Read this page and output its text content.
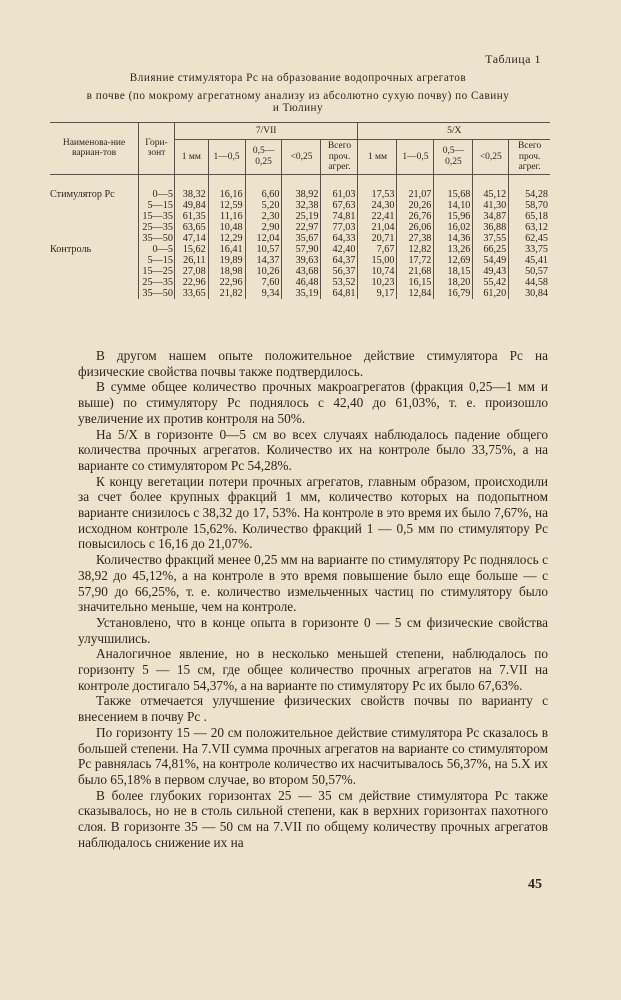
Таблица 1
Влияние стимулятора Рс на образование водопрочных агрегатов
в почве (по мокрому агрегатному анализу из абсолютно сухую почву) по Савину
и Тюлину
Наименова-ние вариан-тов	Гори-зонт	7/VII					5/X				
		1 мм	1—0,5	0,5—0,25	<0,25	Всего проч. агрег.	1 мм	1—0,5	0,5—0,25	<0,25	Всего проч. агрег.

Стимулятор Рс	0—5	38,32	16,16	6,60	38,92	61,03	17,53	21,07	15,68	45,12	54,28
	5—15	49,84	12,59	5,20	32,38	67,63	24,30	20,26	14,10	41,30	58,70
	15—35	61,35	11,16	2,30	25,19	74,81	22,41	26,76	15,96	34,87	65,18
	25—35	63,65	10,48	2,90	22,97	77,03	21,04	26,06	16,02	36,88	63,12
	35—50	47,14	12,29	12,04	35,67	64,33	20,71	27,38	14,36	37,55	62,45
Контроль	0—5	15,62	16,41	10,57	57,90	42,40	7,67	12,82	13,26	66,25	33,75
	5—15	26,11	19,89	14,37	39,63	64,37	15,00	17,72	12,69	54,49	45,41
	15—25	27,08	18,98	10,26	43,68	56,37	10,74	21,68	18,15	49,43	50,57
	25—35	22,96	22,96	7,60	46,48	53,52	10,23	16,15	18,20	55,42	44,58
	35—50	33,65	21,82	9,34	35,19	64,81	9,17	12,84	16,79	61,20	30,84

В другом нашем опыте положительное действие стимулятора Рс на физические свойства почвы также подтвердилось.

В сумме общее количество прочных макроагрегатов (фракция 0,25—1 мм и выше) по стимулятору Рс поднялось с 42,40 до 61,03%, т. е. произошло увеличение их против контроля на 50%.

На 5/X в горизонте 0—5 см во всех случаях наблюдалось падение общего количества прочных агрегатов. Количество их на контроле было 33,75%, а на варианте со стимулятором Рс 54,28%.

К концу вегетации потери прочных агрегатов, главным образом, происходили за счет более крупных фракций 1 мм, количество которых на подопытном варианте снизилось с 38,32 до 17, 53%. На контроле в это время их было 7,67%, на исходном контроле 15,62%. Количество фракций 1 — 0,5 мм по стимулятору Рс повысилось с 16,16 до 21,07%.

Количество фракций менее 0,25 мм на варианте по стимулятору Рс поднялось с 38,92 до 45,12%, а на контроле в это время повышение было еще больше — с 57,90 до 66,25%, т. е. количество измельченных частиц по стимулятору было значительно меньше, чем на контроле.

Установлено, что в конце опыта в горизонте 0 — 5 см физические свойства улучшились.

Аналогичное явление, но в несколько меньшей степени, наблюдалось по горизонту 5 — 15 см, где общее количество прочных агрегатов на 7.VII на контроле достигало 54,37%, а на варианте по стимулятору Рс их было 67,63%.

Также отмечается улучшение физических свойств почвы по варианту с внесением в почву Рс .

По горизонту 15 — 20 см положительное действие стимулятора Рс сказалось в большей степени. На 7.VII сумма прочных агрегатов на варианте со стимулятором Рс равнялась 74,81%, на контроле количество их насчитывалось 56,37%, на 5.X их было 65,18% в первом случае, во втором 50,57%.

В более глубоких горизонтах 25 — 35 см действие стимулятора Рс также сказывалось, но не в столь сильной степени, как в верхних горизонтах пахотного слоя. В горизонте 35 — 50 см на 7.VII по общему количеству прочных агрегатов наблюдалось снижение их на

45
